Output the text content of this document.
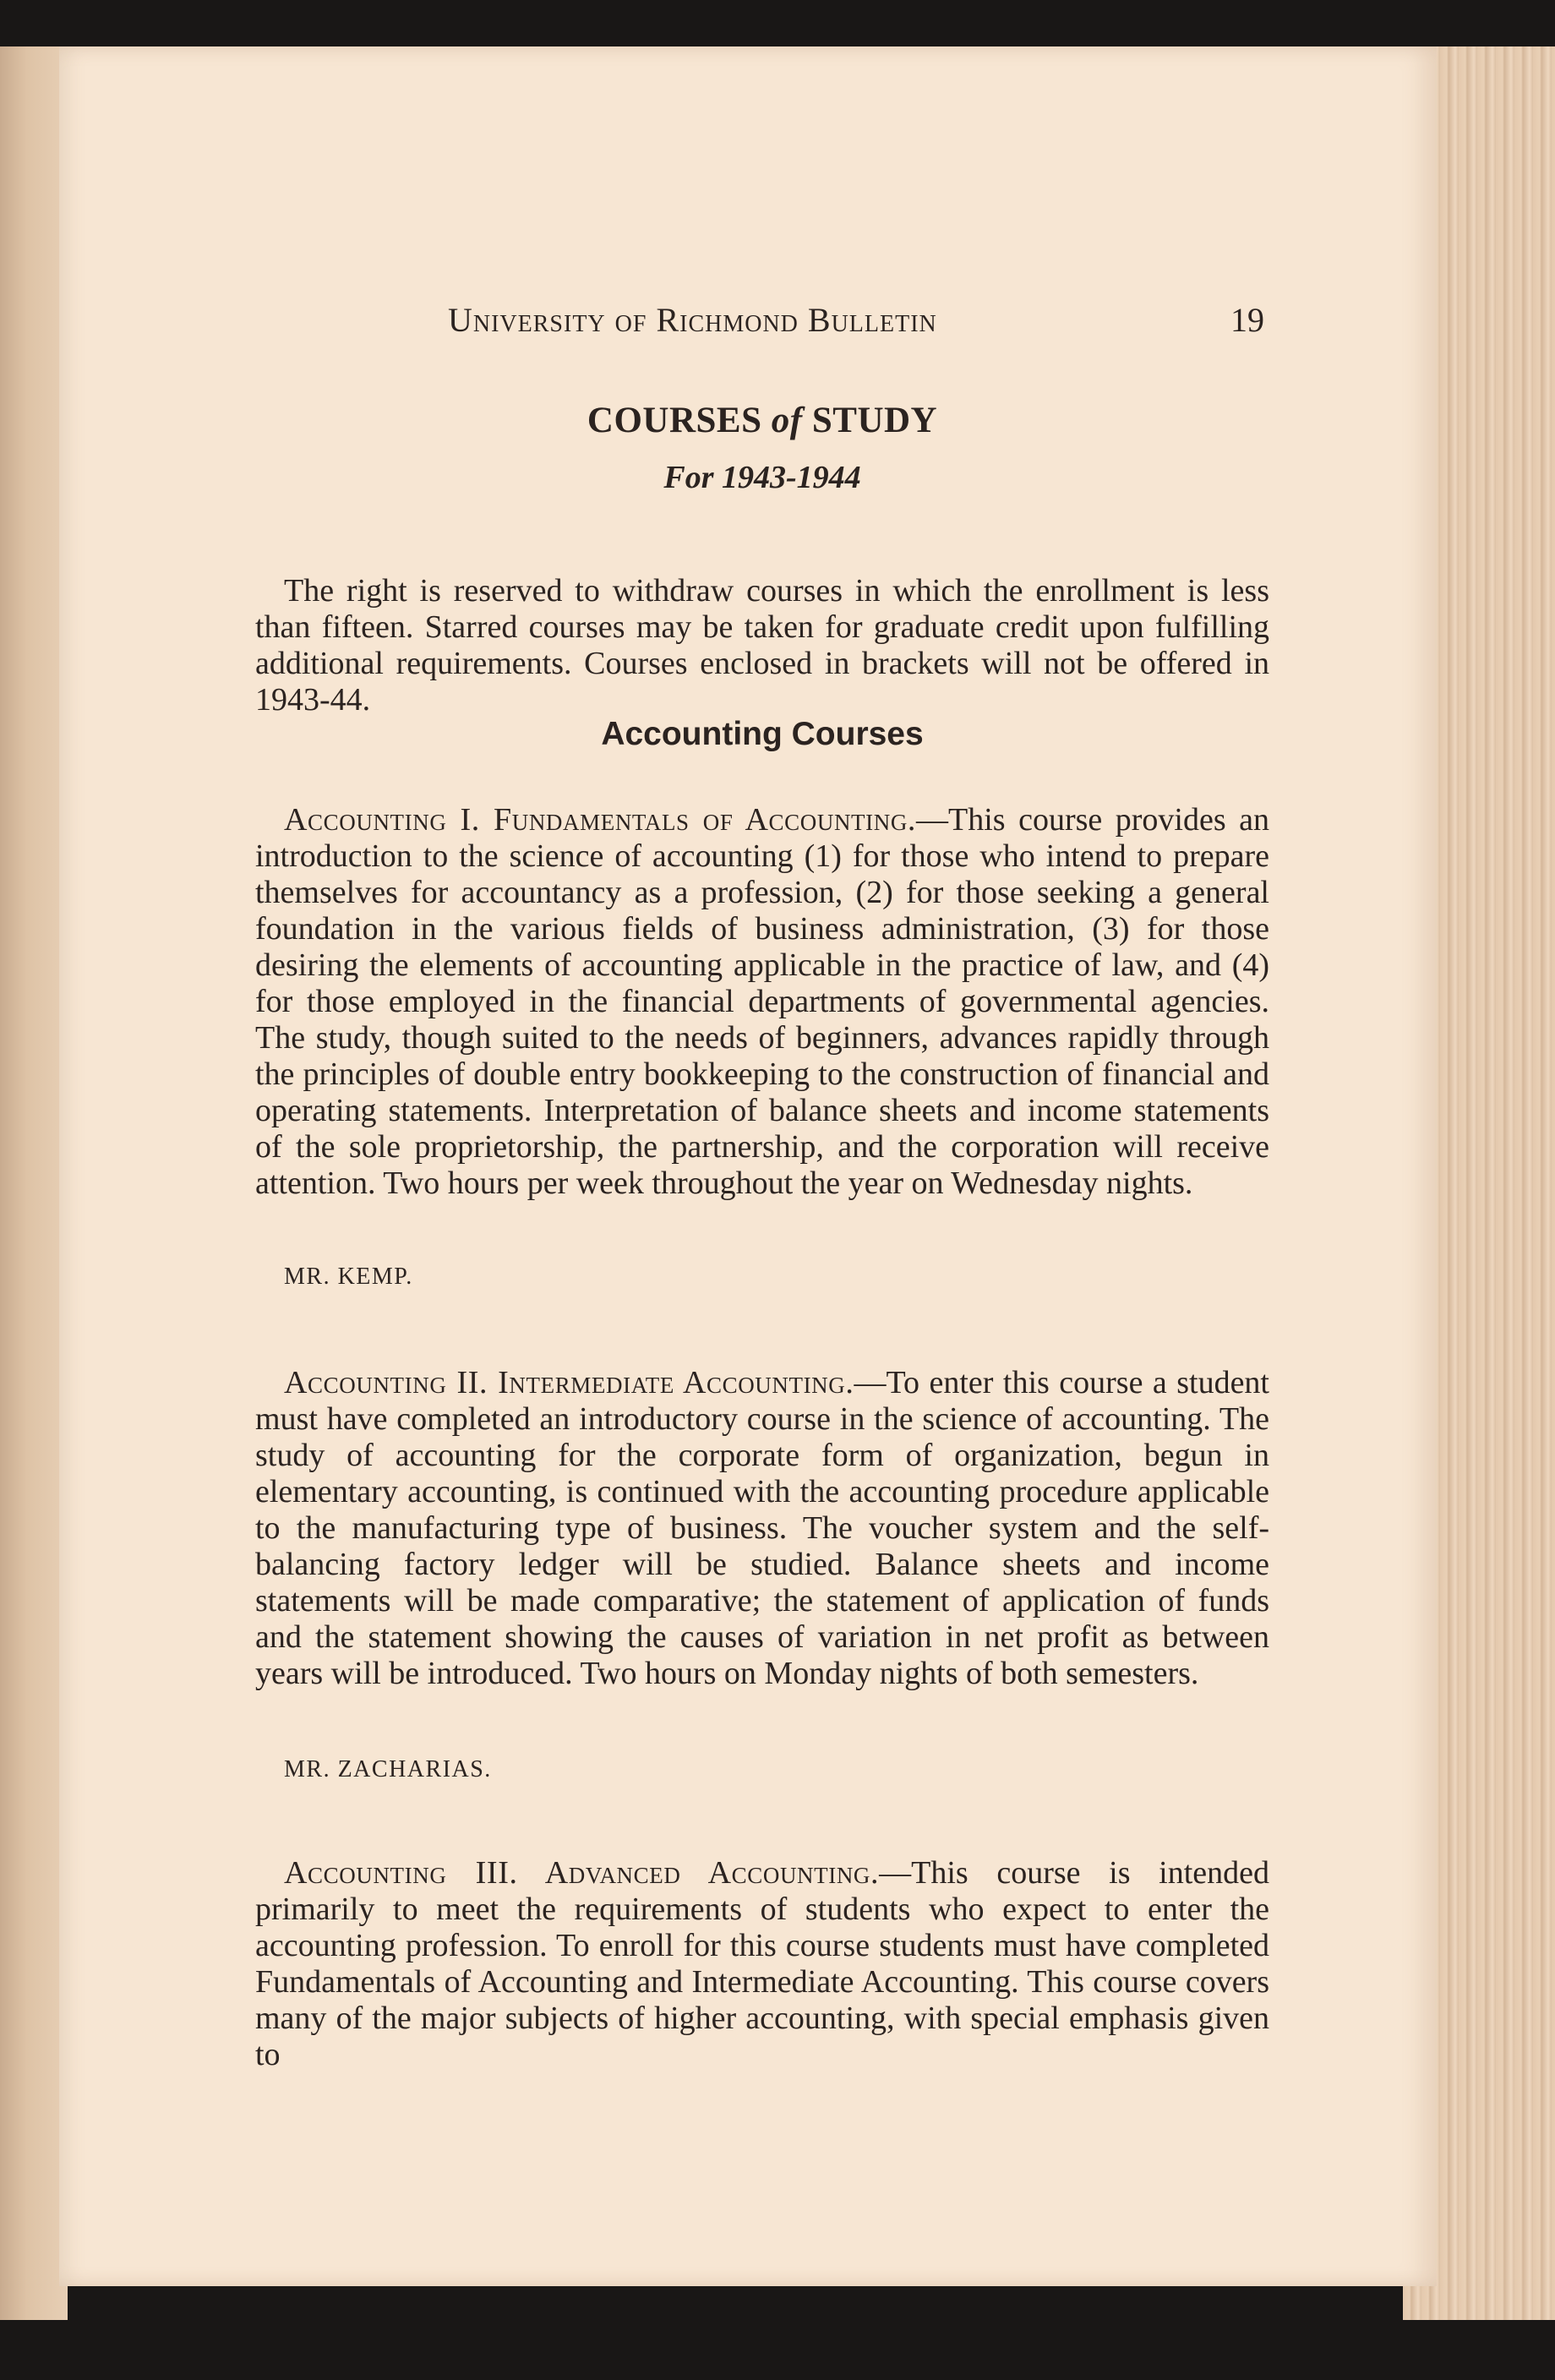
University of Richmond Bulletin	19
COURSES of STUDY
For 1943-1944

The right is reserved to withdraw courses in which the enrollment is less than fifteen. Starred courses may be taken for graduate credit upon fulfilling additional requirements. Courses enclosed in brackets will not be offered in 1943-44.

Accounting Courses

Accounting I. Fundamentals of Accounting.—This course provides an introduction to the science of accounting (1) for those who intend to prepare themselves for accountancy as a profession, (2) for those seeking a general foundation in the various fields of business administration, (3) for those desiring the elements of accounting applicable in the practice of law, and (4) for those employed in the financial departments of governmental agencies. The study, though suited to the needs of beginners, advances rapidly through the principles of double entry bookkeeping to the construction of financial and operating statements. Interpretation of balance sheets and income statements of the sole proprietorship, the partnership, and the corporation will receive attention. Two hours per week throughout the year on Wednesday nights.

MR. KEMP.

Accounting II. Intermediate Accounting.—To enter this course a student must have completed an introductory course in the science of accounting. The study of accounting for the corporate form of organization, begun in elementary accounting, is continued with the accounting procedure applicable to the manufacturing type of business. The voucher system and the self-balancing factory ledger will be studied. Balance sheets and income statements will be made comparative; the statement of application of funds and the statement showing the causes of variation in net profit as between years will be introduced. Two hours on Monday nights of both semesters.

MR. ZACHARIAS.

Accounting III. Advanced Accounting.—This course is intended primarily to meet the requirements of students who expect to enter the accounting profession. To enroll for this course students must have completed Fundamentals of Accounting and Intermediate Accounting. This course covers many of the major subjects of higher accounting, with special emphasis given to
